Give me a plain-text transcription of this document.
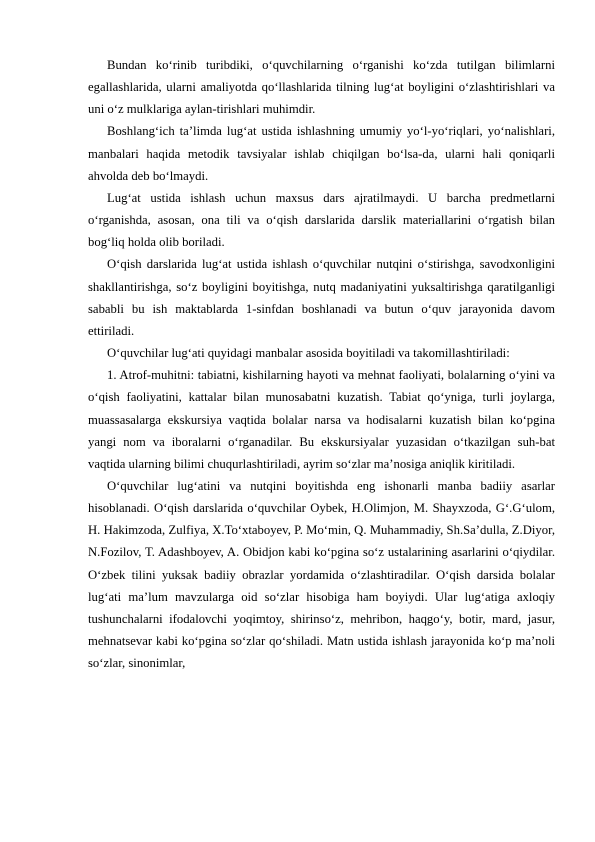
Bundan ko‘rinib turibdiki, o‘quvchilarning o‘rganishi ko‘zda tutilgan bilimlarni egallashlarida, ularni amaliyotda qo‘llashlarida tilning lug‘at boyligini o‘zlashtirishlari va uni o‘z mulklariga aylan-tirishlari muhimdir.

Boshlang‘ich ta’limda lug‘at ustida ishlashning umumiy yo‘l-yo‘riqlari, yo‘nalishlari, manbalari haqida metodik tavsiyalar ishlab chiqilgan bo‘lsa-da, ularni hali qoniqarli ahvolda deb bo‘lmaydi.

Lug‘at ustida ishlash uchun maxsus dars ajratilmaydi. U barcha predmetlarni o‘rganishda, asosan, ona tili va o‘qish darslarida darslik materiallarini o‘rgatish bilan bog‘liq holda olib boriladi.

O‘qish darslarida lug‘at ustida ishlash o‘quvchilar nutqini o‘stirishga, savodxonligini shakllantirishga, so‘z boyligini boyitishga, nutq madaniyatini yuksaltirishga qaratilganligi sababli bu ish maktablarda 1-sinfdan boshlanadi va butun o‘quv jarayonida davom ettiriladi.

O‘quvchilar lug‘ati quyidagi manbalar asosida boyitiladi va takomillashtiriladi:

1. Atrof-muhitni: tabiatni, kishilarning hayoti va mehnat faoliyati, bolalarning o‘yini va o‘qish faoliyatini, kattalar bilan munosabatni kuzatish. Tabiat qo‘yniga, turli joylarga, muassasalarga ekskursiya vaqtida bolalar narsa va hodisalarni kuzatish bilan ko‘pgina yangi nom va iboralarni o‘rganadilar. Bu ekskursiyalar yuzasidan o‘tkazilgan suh-bat vaqtida ularning bilimi chuqurlashtiriladi, ayrim so‘zlar ma’nosiga aniqlik kiritiladi.

O‘quvchilar lug‘atini va nutqini boyitishda eng ishonarli manba badiiy asarlar hisoblanadi. O‘qish darslarida o‘quvchilar Oybek, H.Olimjon, M. Shayxzoda, G‘.G‘ulom, H. Hakimzoda, Zulfiya, X.To‘xtaboyev, P. Mo‘min, Q. Muhammadiy, Sh.Sa’dulla, Z.Diyor, N.Fozilov, T. Adashboyev, A. Obidjon kabi ko‘pgina so‘z ustalarining asarlarini o‘qiydilar. O‘zbek tilini yuksak badiiy obrazlar yordamida o‘zlashtiradilar. O‘qish darsida bolalar lug‘ati ma’lum mavzularga oid so‘zlar hisobiga ham boyiydi. Ular lug‘atiga axloqiy tushunchalarni ifodalovchi yoqimtoy, shirinso‘z, mehribon, haqgo‘y, botir, mard, jasur, mehnatsevar kabi ko‘pgina so‘zlar qo‘shiladi. Matn ustida ishlash jarayonida ko‘p ma’noli so‘zlar, sinonimlar,
